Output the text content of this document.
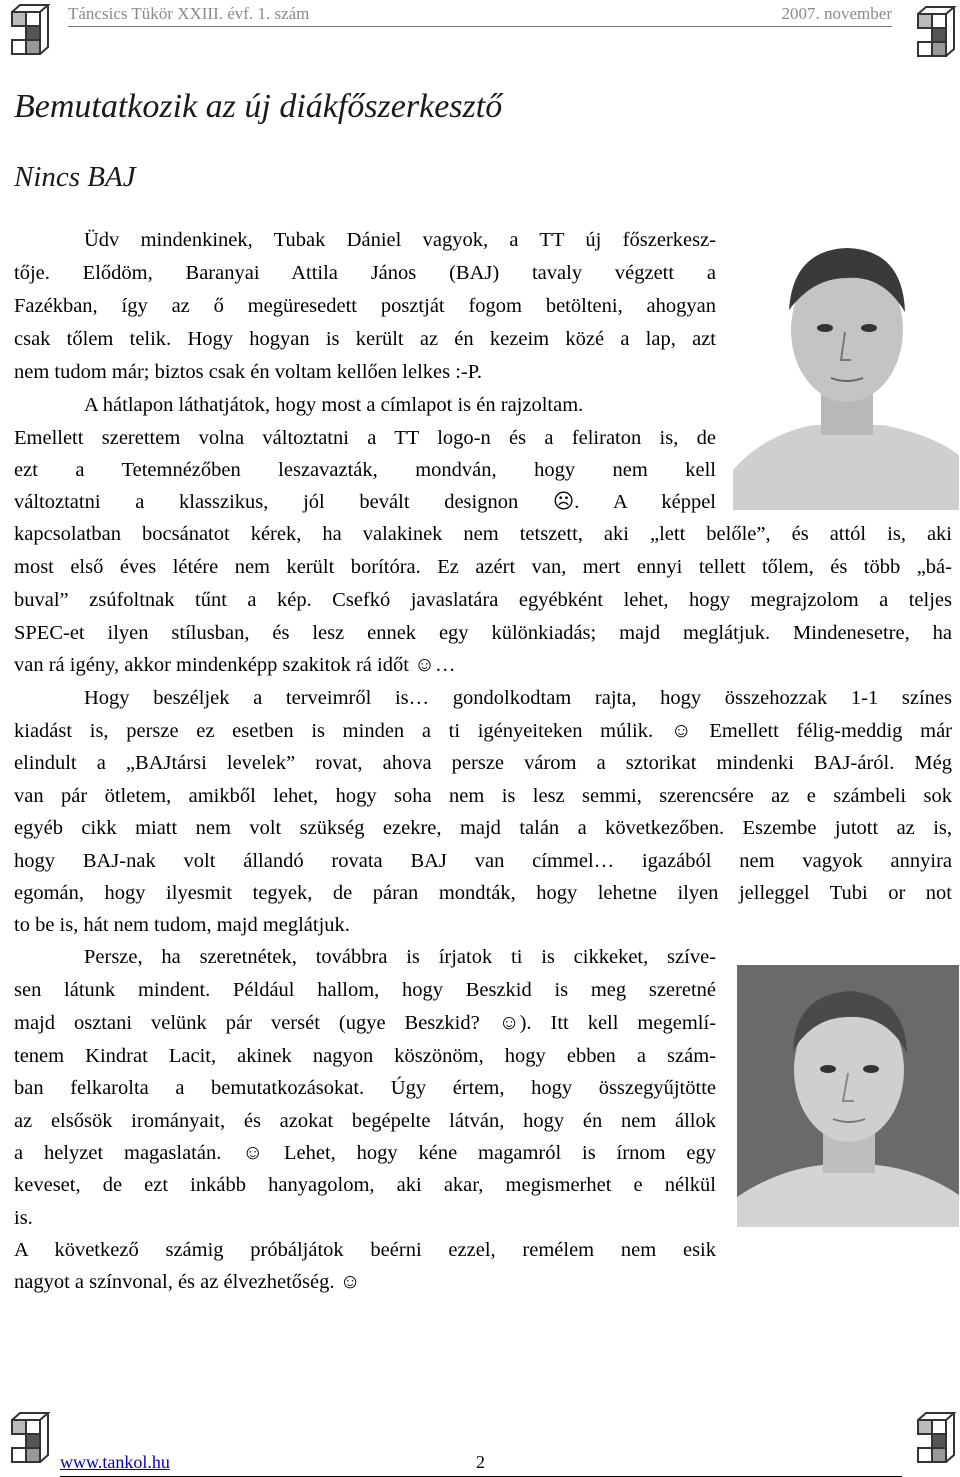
Táncsics Tükör XXIII. évf. 1. szám	2007. november
Bemutatkozik az új diákfőszerkesztő
Nincs BAJ
Üdv mindenkinek, Tubak Dániel vagyok, a TT új főszerkesz-
tője. Elődöm, Baranyai Attila János (BAJ) tavaly végzett a
Fazékban, így az ő megüresedett posztját fogom betölteni, ahogyan
csak tőlem telik. Hogy hogyan is került az én kezeim közé a lap, azt
nem tudom már; biztos csak én voltam kellően lelkes :-P.
A hátlapon láthatjátok, hogy most a címlapot is én rajzoltam.
Emellett szerettem volna változtatni a TT logo-n és a feliraton is, de
ezt a Tetemnézőben leszavazták, mondván, hogy nem kell
változtatni a klasszikus, jól bevált designon ☹. A képpel
kapcsolatban bocsánatot kérek, ha valakinek nem tetszett, aki „lett belőle”, és attól is, aki
most első éves létére nem került borítóra. Ez azért van, mert ennyi tellett tőlem, és több „bá-
buval” zsúfoltnak tűnt a kép. Csefkó javaslatára egyébként lehet, hogy megrajzolom a teljes
SPEC-et ilyen stílusban, és lesz ennek egy különkiadás; majd meglátjuk. Mindenesetre, ha
van rá igény, akkor mindenképp szakitok rá időt ☺…
Hogy beszéljek a terveimről is… gondolkodtam rajta, hogy összehozzak 1-1 színes
kiadást is, persze ez esetben is minden a ti igényeiteken múlik. ☺ Emellett félig-meddig már
elindult a „BAJtársi levelek” rovat, ahova persze várom a sztorikat mindenki BAJ-áról. Még
van pár ötletem, amikből lehet, hogy soha nem is lesz semmi, szerencsére az e számbeli sok
egyéb cikk miatt nem volt szükség ezekre, majd talán a következőben. Eszembe jutott az is,
hogy BAJ-nak volt állandó rovata BAJ van címmel… igazából nem vagyok annyira
egomán, hogy ilyesmit tegyek, de páran mondták, hogy lehetne ilyen jelleggel Tubi or not
to be is, hát nem tudom, majd meglátjuk.
Persze, ha szeretnétek, továbbra is írjatok ti is cikkeket, szíve-
sen látunk mindent. Például hallom, hogy Beszkid is meg szeretné
majd osztani velünk pár versét (ugye Beszkid? ☺). Itt kell megemlí-
tenem Kindrat Lacit, akinek nagyon köszönöm, hogy ebben a szám-
ban felkarolta a bemutatkozásokat. Úgy értem, hogy összegyűjtötte
az elsősök irományait, és azokat begépelte látván, hogy én nem állok
a helyzet magaslatán. ☺ Lehet, hogy kéne magamról is írnom egy
keveset, de ezt inkább hanyagolom, aki akar, megismerhet e nélkül
is.
A következő számig próbáljátok beérni ezzel, remélem nem esik
nagyot a színvonal, és az élvezhetőség. ☺
www.tankol.hu	2
